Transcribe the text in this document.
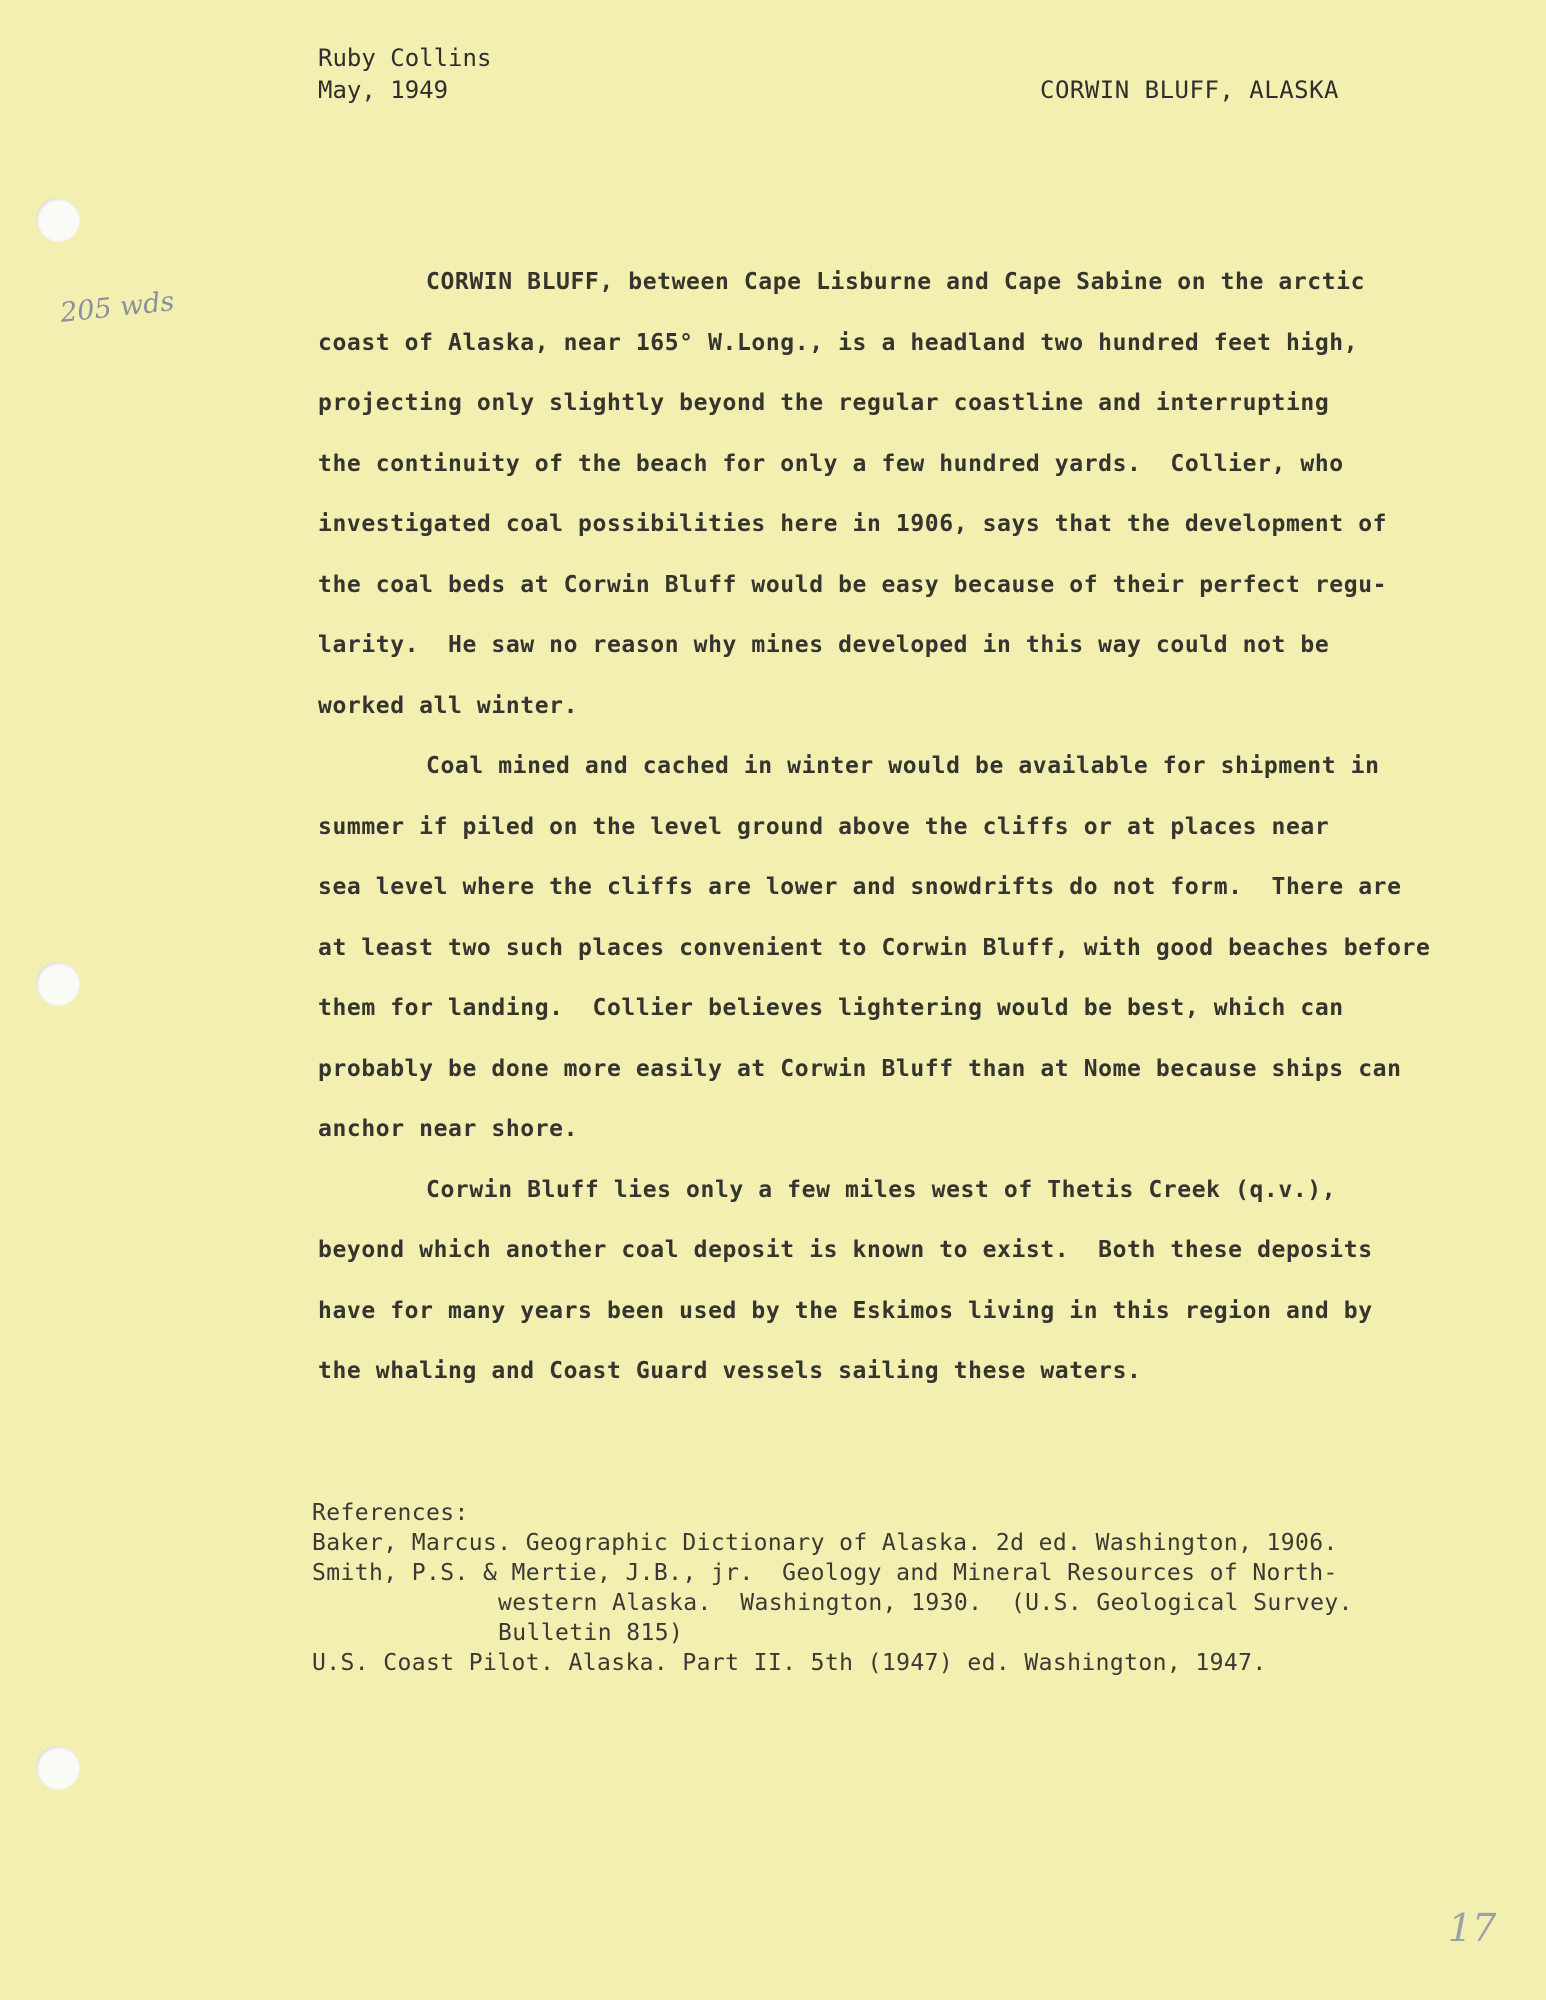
Ruby Collins
May, 1949	CORWIN BLUFF, ALASKA
205 wds

CORWIN BLUFF, between Cape Lisburne and Cape Sabine on the arctic
coast of Alaska, near 165° W.Long., is a headland two hundred feet high,
projecting only slightly beyond the regular coastline and interrupting
the continuity of the beach for only a few hundred yards.  Collier, who
investigated coal possibilities here in 1906, says that the development of
the coal beds at Corwin Bluff would be easy because of their perfect regu-
larity.  He saw no reason why mines developed in this way could not be
worked all winter.

Coal mined and cached in winter would be available for shipment in
summer if piled on the level ground above the cliffs or at places near
sea level where the cliffs are lower and snowdrifts do not form.  There are
at least two such places convenient to Corwin Bluff, with good beaches before
them for landing.  Collier believes lightering would be best, which can
probably be done more easily at Corwin Bluff than at Nome because ships can
anchor near shore.

Corwin Bluff lies only a few miles west of Thetis Creek (q.v.),
beyond which another coal deposit is known to exist.  Both these deposits
have for many years been used by the Eskimos living in this region and by
the whaling and Coast Guard vessels sailing these waters.

References:
Baker, Marcus. Geographic Dictionary of Alaska. 2d ed. Washington, 1906.
Smith, P.S. & Mertie, J.B., jr.  Geology and Mineral Resources of North-
western Alaska.  Washington, 1930.  (U.S. Geological Survey.
Bulletin 815)
U.S. Coast Pilot. Alaska. Part II. 5th (1947) ed. Washington, 1947.
17
